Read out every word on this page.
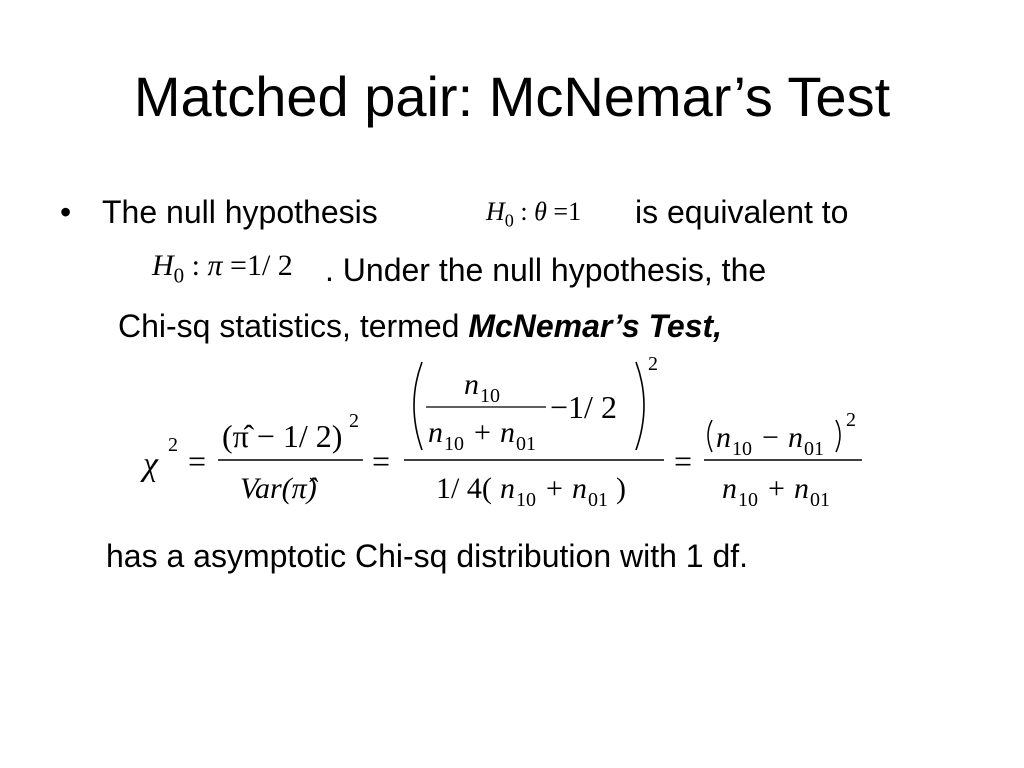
Matched pair: McNemar’s Test
• The null hypothesis	$H_0$ : θ =1 is equivalent to
$H_0$ : π =1/ 2 . Under the null hypothesis, the
Chi-sq statistics, termed McNemar’s Test,
χ
2 =
(π̂ − 1/ 2) 2
Var(π̂)
=
2
n 10
n 10 + n 01
−1/ 2
1/ 4( n 10 + n 01 )
=
n 10 − n 01
2
n 10 + n 01
has a asymptotic Chi-sq distribution with 1 df.
